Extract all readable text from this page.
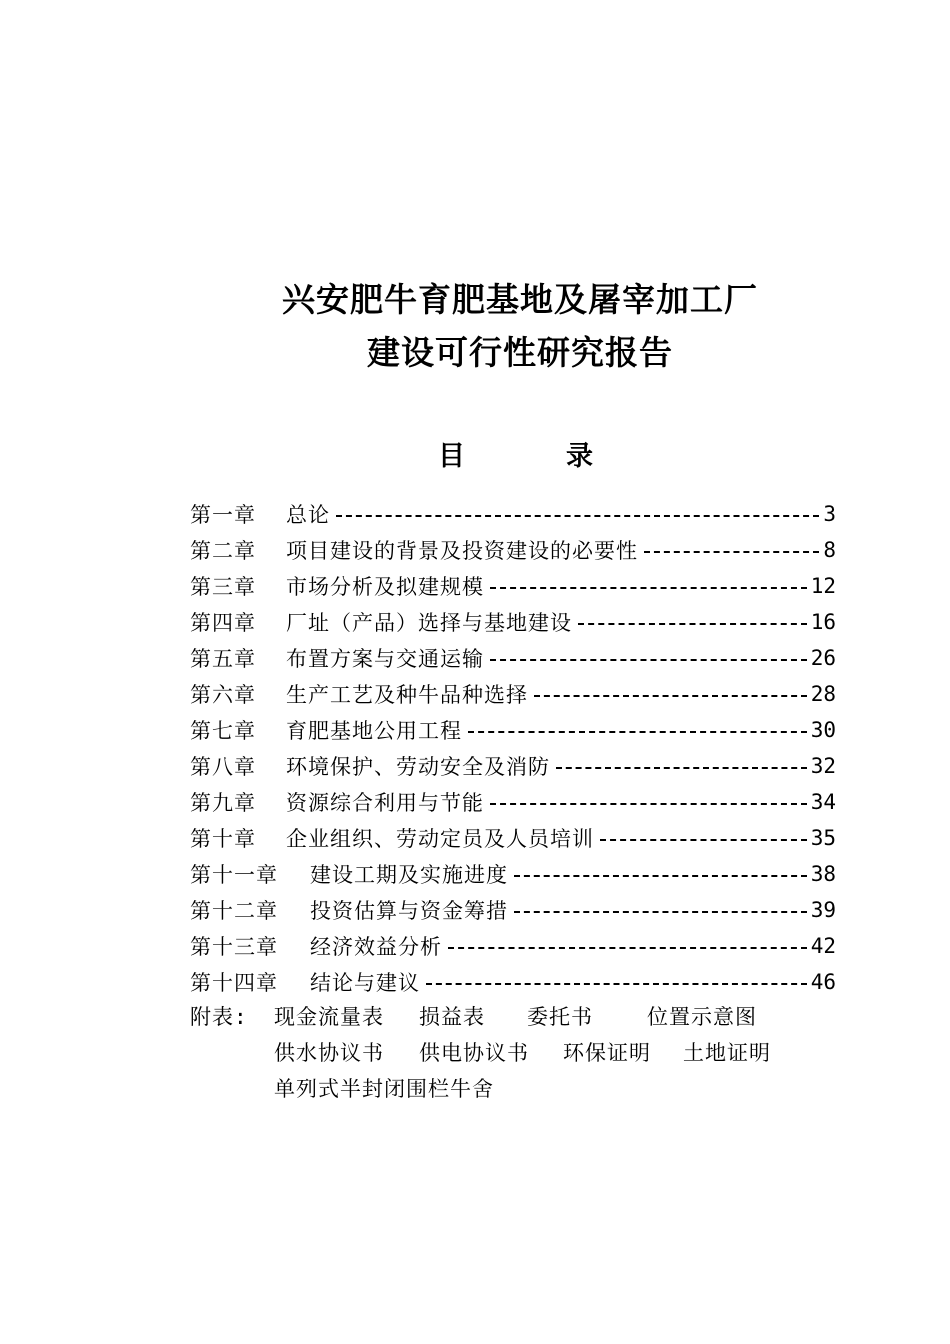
兴安肥牛育肥基地及屠宰加工厂
建设可行性研究报告
目	录
第一章	总论	3
第二章	项目建设的背景及投资建设的必要性	8
第三章	市场分析及拟建规模	12
第四章	厂址（产品）选择与基地建设	16
第五章	布置方案与交通运输	26
第六章	生产工艺及种牛品种选择	28
第七章	育肥基地公用工程	30
第八章	环境保护、劳动安全及消防	32
第九章	资源综合利用与节能	34
第十章	企业组织、劳动定员及人员培训	35
第十一章	建设工期及实施进度	38
第十二章	投资估算与资金筹措	39
第十三章	经济效益分析	42
第十四章	结论与建议	46
附表:	现金流量表	损益表	委托书	位置示意图
供水协议书	供电协议书	环保证明	土地证明
单列式半封闭围栏牛舍
